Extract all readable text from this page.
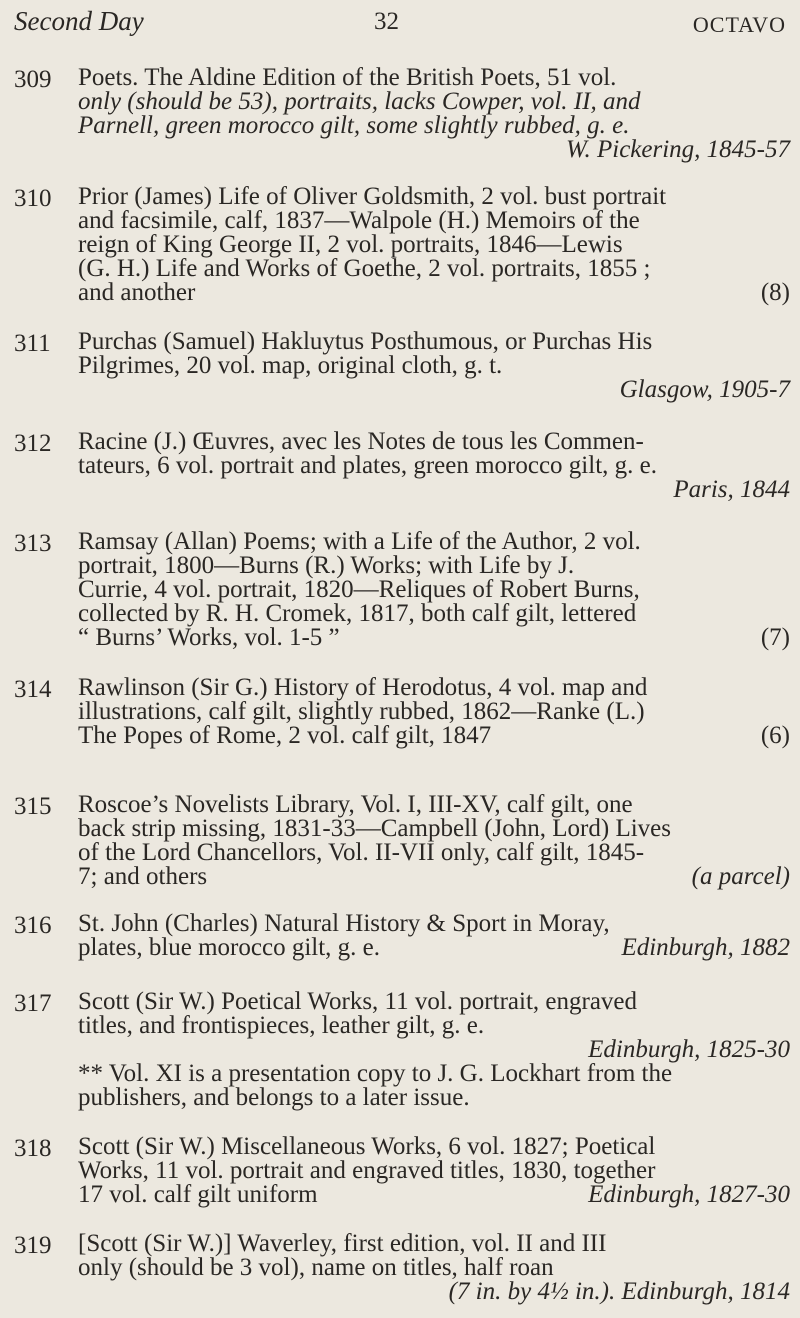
Second Day	32	OCTAVO
309 Poets. The Aldine Edition of the British Poets, 51 vol.

only (should be 53), portraits, lacks Cowper, vol. II, and

Parnell, green morocco gilt, some slightly rubbed, g. e.

W. Pickering, 1845-57

310 Prior (James) Life of Oliver Goldsmith, 2 vol. bust portrait

and facsimile, calf, 1837—Walpole (H.) Memoirs of the

reign of King George II, 2 vol. portraits, 1846—Lewis

(G. H.) Life and Works of Goethe, 2 vol. portraits, 1855 ;

and another	(8)

311 Purchas (Samuel) Hakluytus Posthumous, or Purchas His

Pilgrimes, 20 vol. map, original cloth, g. t.

Glasgow, 1905-7

312 Racine (J.) Œuvres, avec les Notes de tous les Commen-

tateurs, 6 vol. portrait and plates, green morocco gilt, g. e.

Paris, 1844

313 Ramsay (Allan) Poems; with a Life of the Author, 2 vol.

portrait, 1800—Burns (R.) Works; with Life by J.

Currie, 4 vol. portrait, 1820—Reliques of Robert Burns,

collected by R. H. Cromek, 1817, both calf gilt, lettered

“ Burns’ Works, vol. 1-5 ”	(7)

314 Rawlinson (Sir G.) History of Herodotus, 4 vol. map and

illustrations, calf gilt, slightly rubbed, 1862—Ranke (L.)

The Popes of Rome, 2 vol. calf gilt, 1847	(6)

315 Roscoe’s Novelists Library, Vol. I, III-XV, calf gilt, one

back strip missing, 1831-33—Campbell (John, Lord) Lives

of the Lord Chancellors, Vol. II-VII only, calf gilt, 1845-

7; and others	(a parcel)

316 St. John (Charles) Natural History & Sport in Moray,

plates, blue morocco gilt, g. e.	Edinburgh, 1882

317 Scott (Sir W.) Poetical Works, 11 vol. portrait, engraved

titles, and frontispieces, leather gilt, g. e.

Edinburgh, 1825-30

** Vol. XI is a presentation copy to J. G. Lockhart from the

publishers, and belongs to a later issue.

318 Scott (Sir W.) Miscellaneous Works, 6 vol. 1827; Poetical

Works, 11 vol. portrait and engraved titles, 1830, together

17 vol. calf gilt uniform	Edinburgh, 1827-30

319 [Scott (Sir W.)] Waverley, first edition, vol. II and III

only (should be 3 vol), name on titles, half roan

(7 in. by 4½ in.). Edinburgh, 1814
